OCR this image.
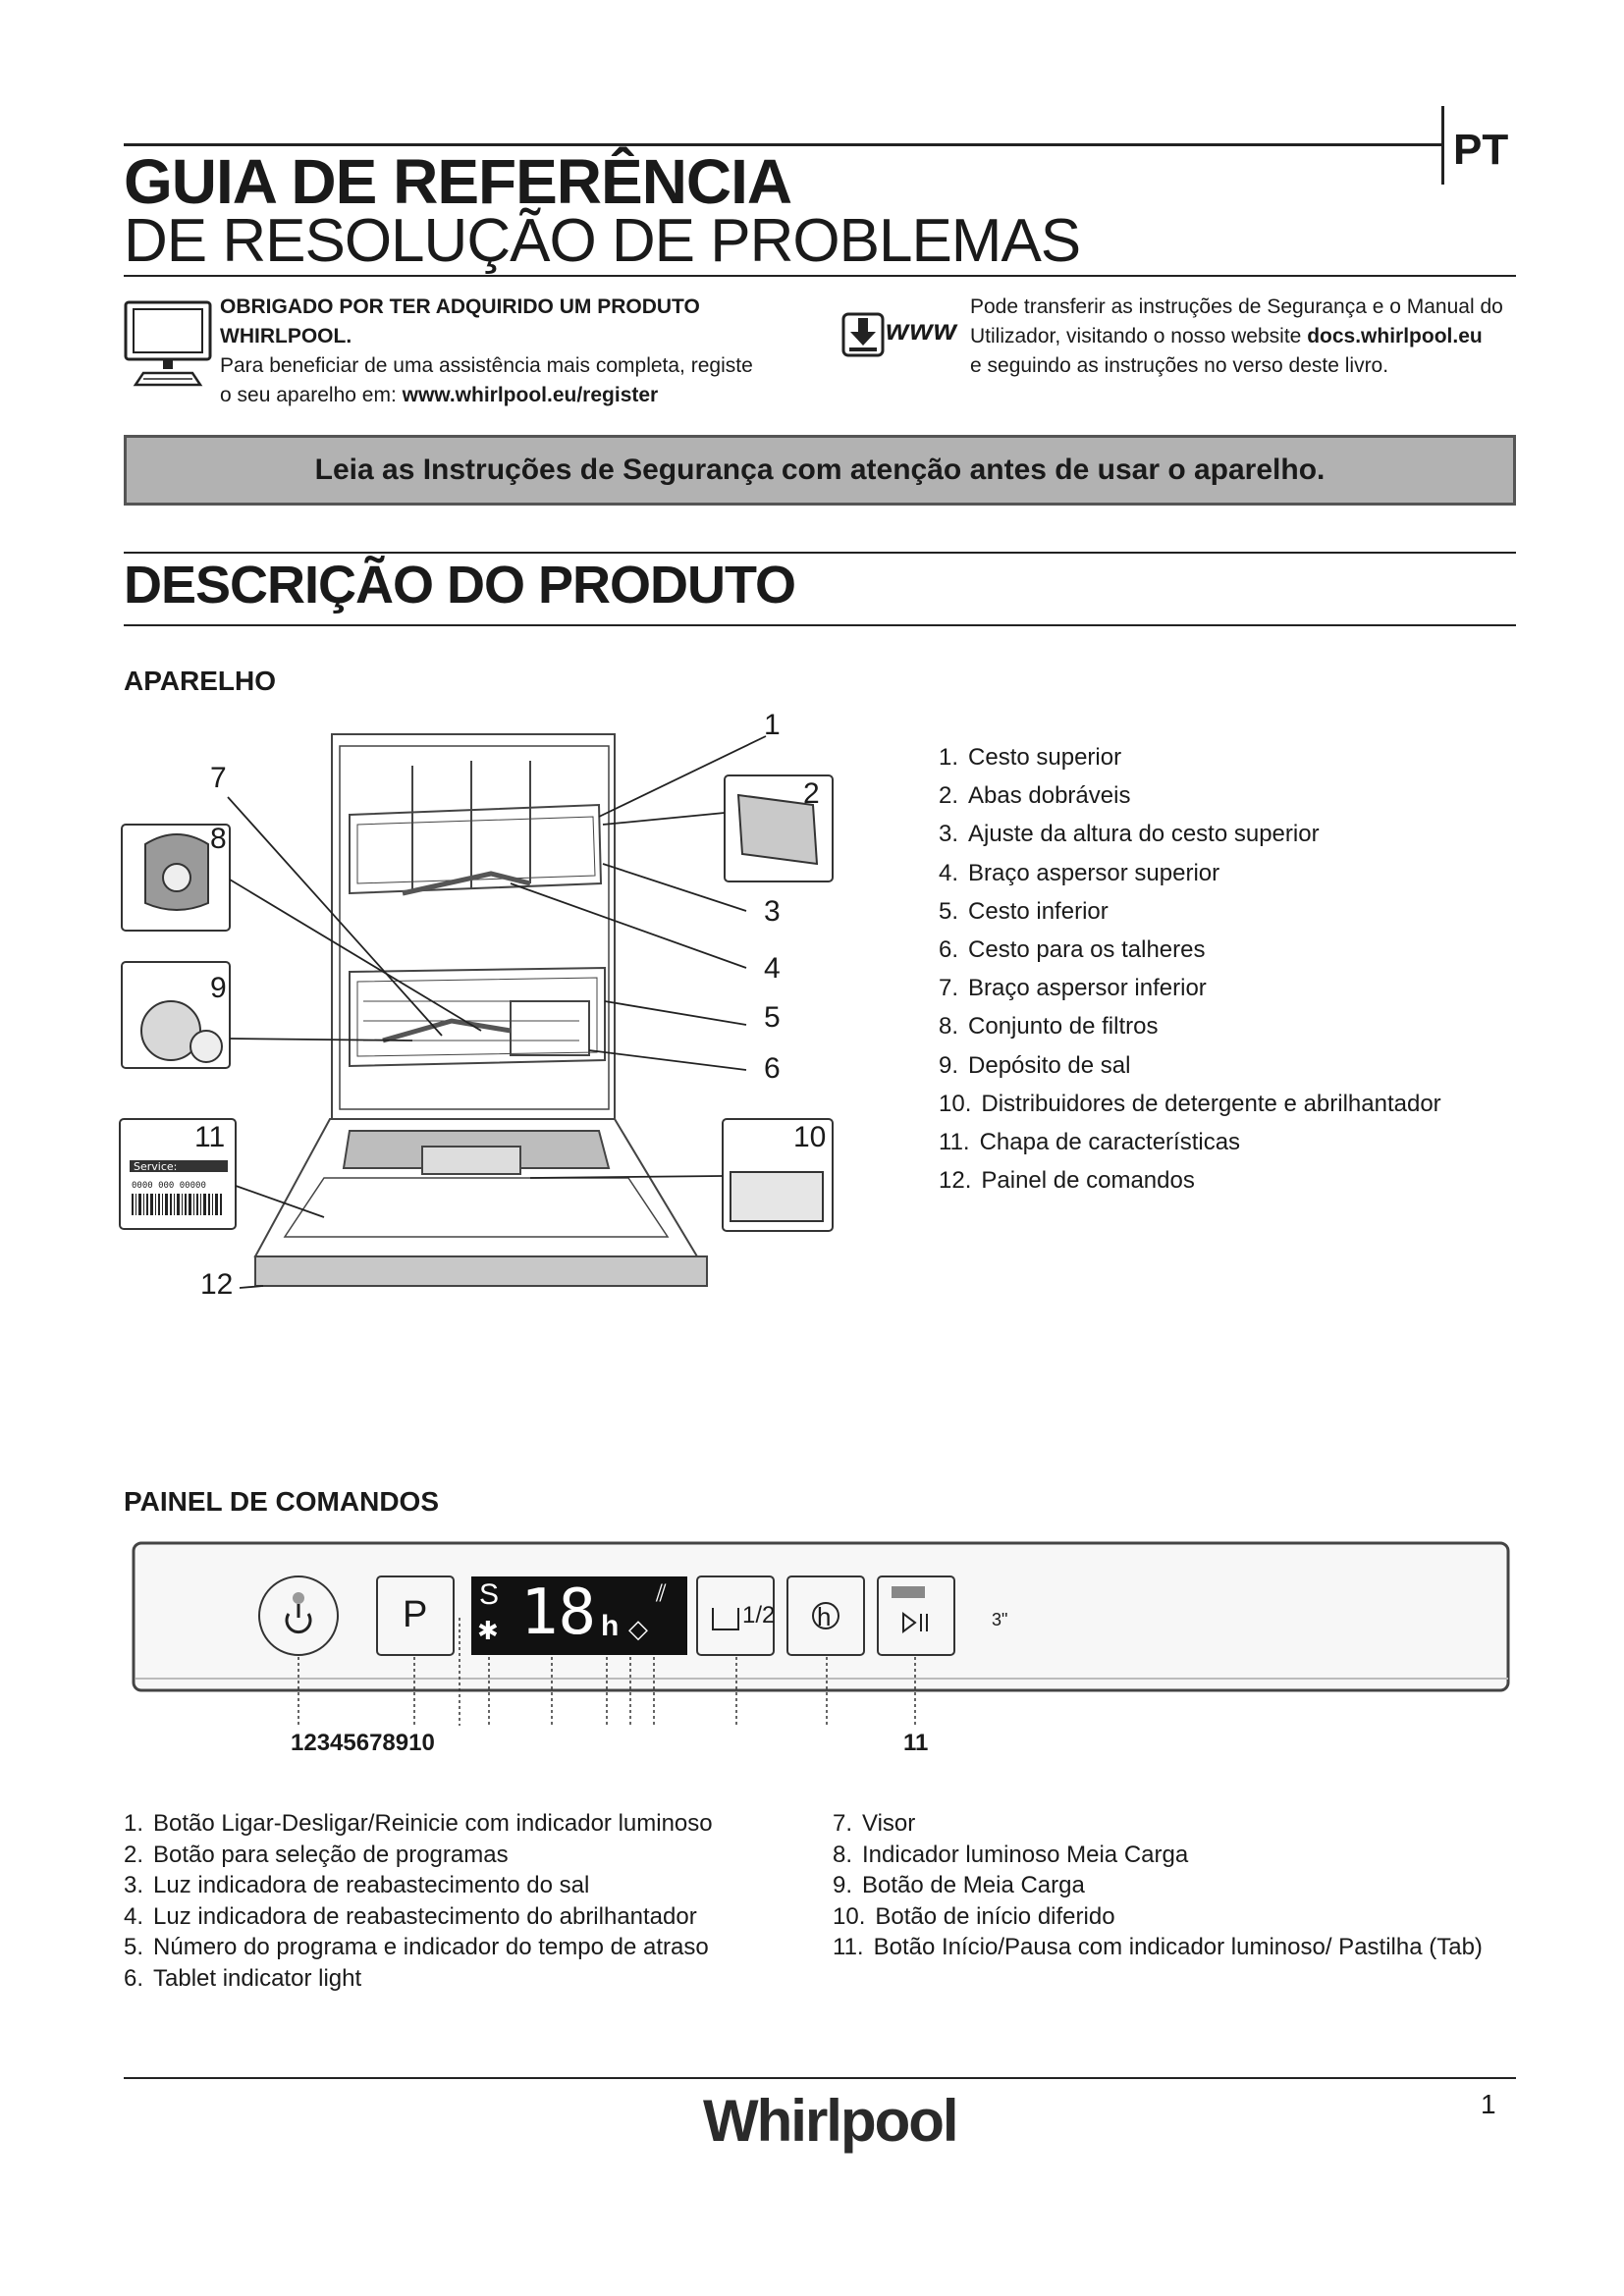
PT
GUIA DE REFERÊNCIA
DE RESOLUÇÃO DE PROBLEMAS
OBRIGADO POR TER ADQUIRIDO UM PRODUTO
WHIRLPOOL.
Para beneficiar de uma assistência mais completa, registe
o seu aparelho em: www.whirlpool.eu/register
www
Pode transferir as instruções de Segurança e o Manual do
Utilizador, visitando o nosso website docs.whirlpool.eu
e seguindo as instruções no verso deste livro.
Leia as Instruções de Segurança com atenção antes de usar o aparelho.
DESCRIÇÃO DO PRODUTO
APARELHO
Service:
0000 000 00000
1
2
3
4
5
6
7
8
9
10
11
12
1. Cesto superior
2. Abas dobráveis
3. Ajuste da altura do cesto superior
4. Braço aspersor superior
5. Cesto inferior
6. Cesto para os talheres
7. Braço aspersor inferior
8. Conjunto de filtros
9. Depósito de sal
10. Distribuidores de detergente e abrilhantador
11. Chapa de características
12. Painel de comandos
PAINEL DE COMANDOS
P S
✱ 18 h ◇
⫽
1/2 h	3"
12345678910	11
1. Botão Ligar-Desligar/Reinicie com indicador luminoso
2. Botão para seleção de programas
3. Luz indicadora de reabastecimento do sal
4. Luz indicadora de reabastecimento do abrilhantador
5. Número do programa e indicador do tempo de atraso
6. Tablet indicator light
7. Visor
8. Indicador luminoso Meia Carga
9. Botão de Meia Carga
10. Botão de início diferido
11. Botão Início/Pausa com indicador luminoso/ Pastilha (Tab)
Whirlpool	1
